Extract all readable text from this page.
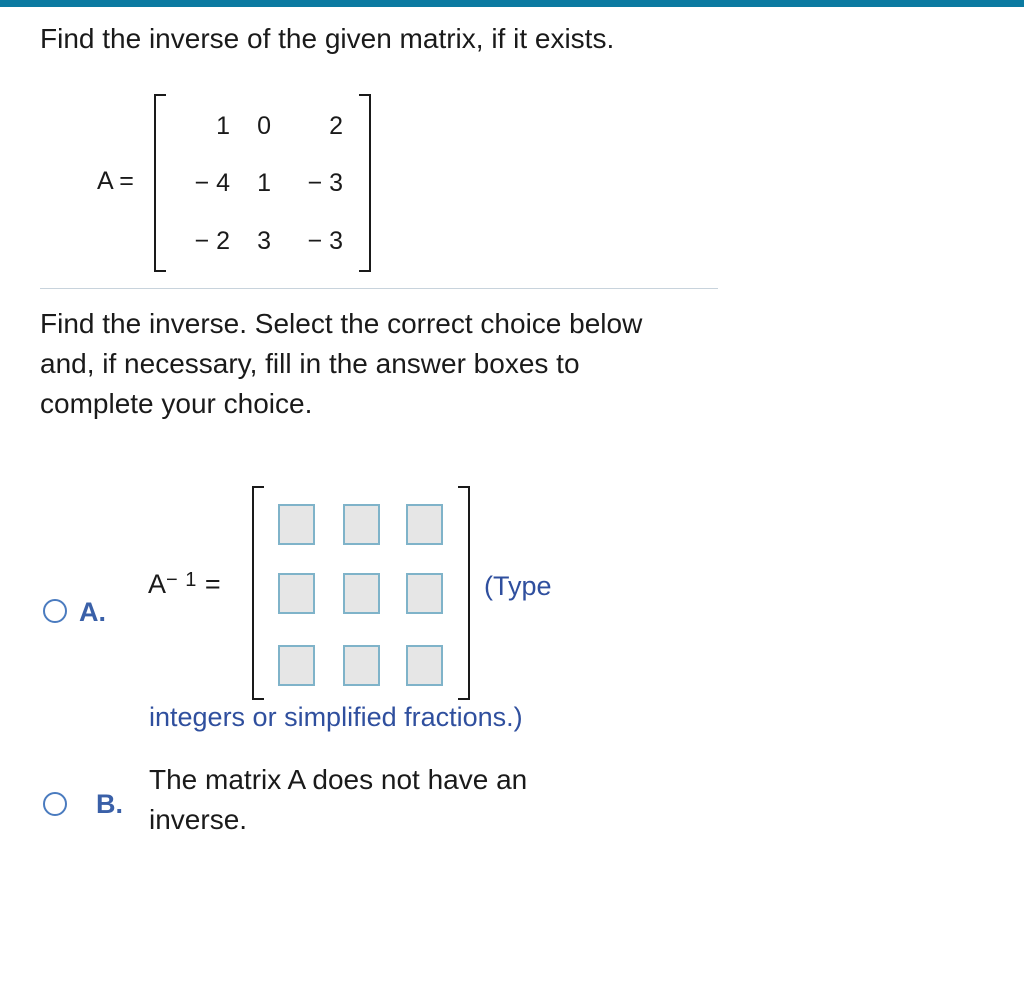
Find the inverse of the given matrix, if it exists.
A =
1	0	2
− 4	1	− 3
− 2	3	− 3
Find the inverse. Select the correct choice below and, if necessary, fill in the answer boxes to complete your choice.
A.
$A^{- 1}$ =	(Type
integers or simplified fractions.)
B.
The matrix A does not have an inverse.
